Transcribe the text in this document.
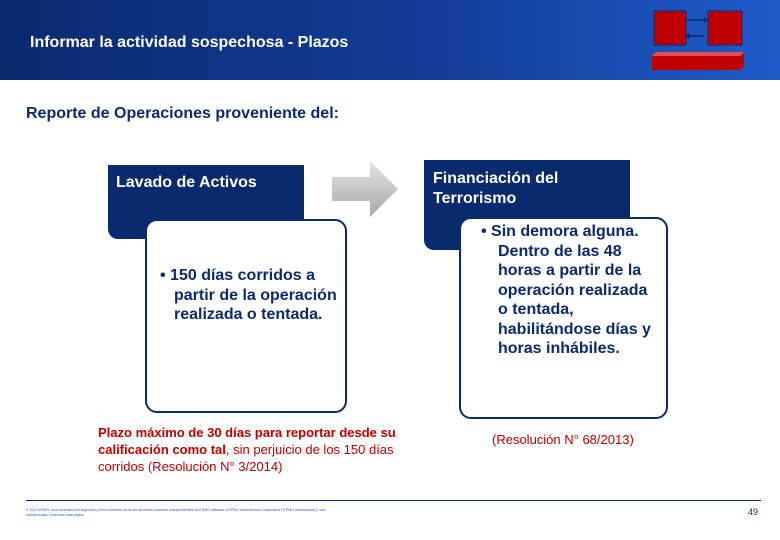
Informar la actividad sospechosa - Plazos
Reporte de Operaciones proveniente del:
Lavado de Activos
• 150 días corridos a partir de la operación realizada o tentada.
Financiación del Terrorismo
• Sin demora alguna. Dentro de las 48 horas a partir de la operación realizada o tentada, habilitándose días y horas inhábiles.
Plazo máximo de 30 días para reportar desde su calificación como tal, sin perjuicio de los 150 días corridos (Resolución N° 3/2014)
(Resolución N° 68/2013)
© 2014 KPMG, una sociedad civil argentina y firma miembro de la red de firmas miembro independientes de KPMG afiliadas a KPMG International Cooperative ("KPMG International"), una entidad suiza. Derechos reservados.	49
